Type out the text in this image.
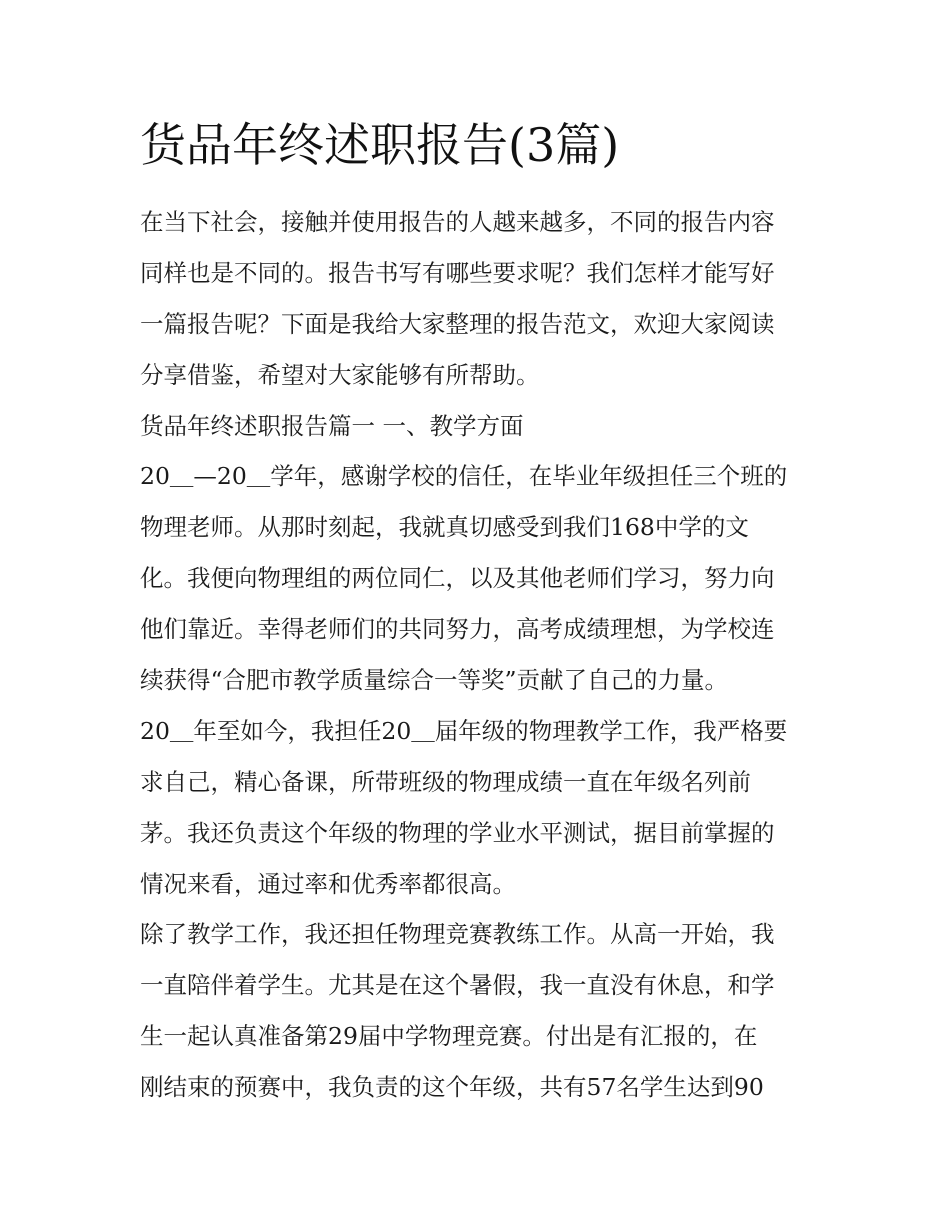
货品年终述职报告(3篇)
在当下社会，接触并使用报告的人越来越多，不同的报告内容
同样也是不同的。报告书写有哪些要求呢？我们怎样才能写好
一篇报告呢？下面是我给大家整理的报告范文，欢迎大家阅读
分享借鉴，希望对大家能够有所帮助。
货品年终述职报告篇一 一、教学方面
20＿—20＿学年，感谢学校的信任，在毕业年级担任三个班的
物理老师。从那时刻起，我就真切感受到我们168中学的文
化。我便向物理组的两位同仁，以及其他老师们学习，努力向
他们靠近。幸得老师们的共同努力，高考成绩理想，为学校连
续获得“合肥市教学质量综合一等奖”贡献了自己的力量。
20＿年至如今，我担任20＿届年级的物理教学工作，我严格要
求自己，精心备课，所带班级的物理成绩一直在年级名列前
茅。我还负责这个年级的物理的学业水平测试，据目前掌握的
情况来看，通过率和优秀率都很高。
除了教学工作，我还担任物理竞赛教练工作。从高一开始，我
一直陪伴着学生。尤其是在这个暑假，我一直没有休息，和学
生一起认真准备第29届中学物理竞赛。付出是有汇报的，在
刚结束的预赛中，我负责的这个年级，共有57名学生达到90
